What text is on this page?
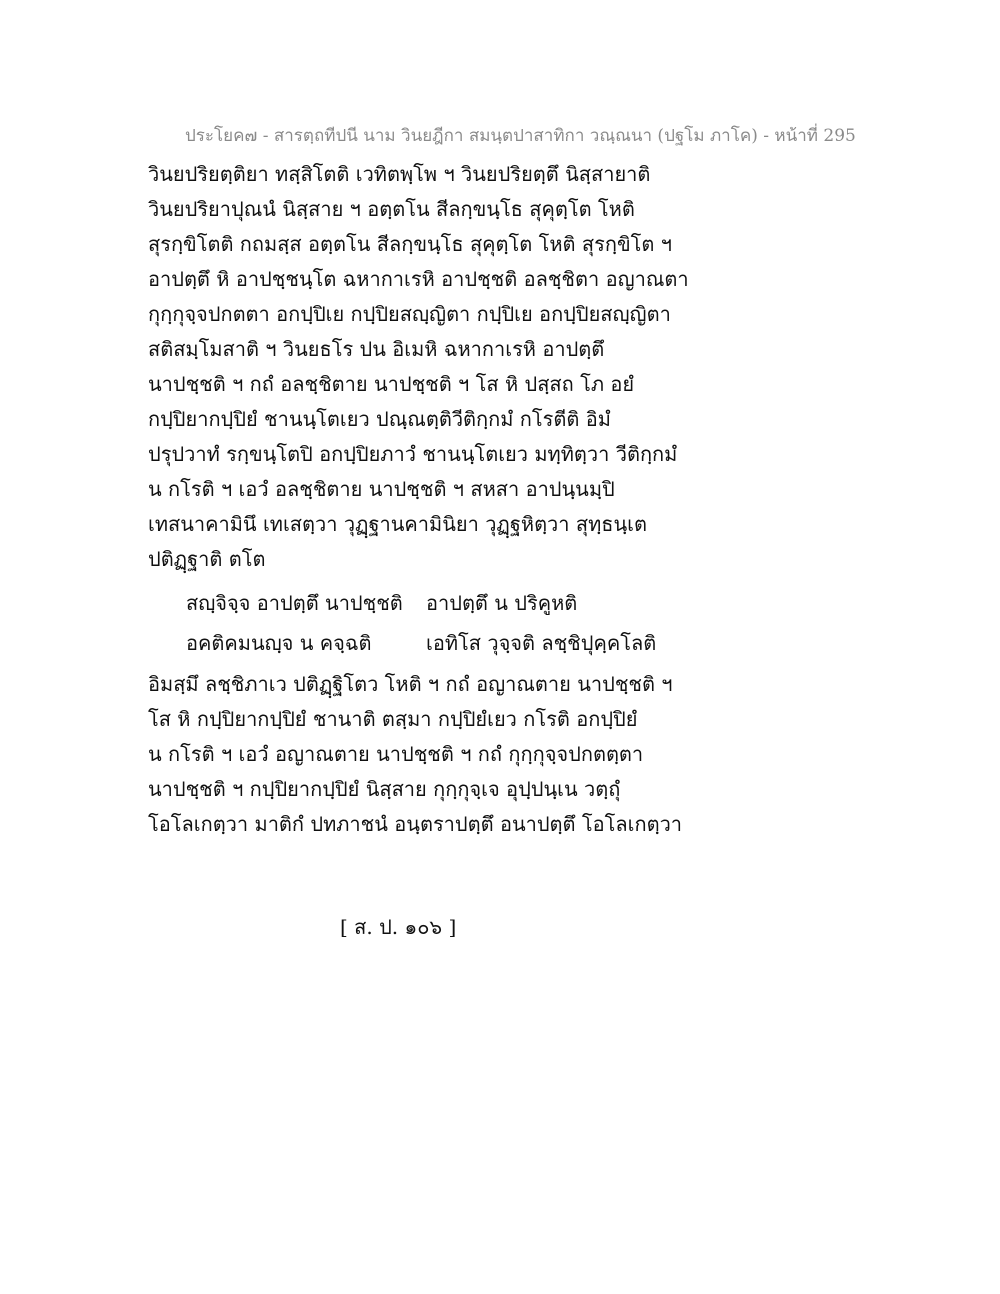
ประโยค๗ - สารตฺถทีปนี นาม วินยฎีกา สมนฺตปาสาทิกา วณฺณนา (ปฐโม ภาโค) - หน้าที่ 295
วินยปริยตฺติยา ทสฺสิโตติ เวทิตพฺโพ ฯ วินยปริยตฺตึ นิสฺสายาติ
วินยปริยาปุณนํ นิสฺสาย ฯ อตฺตโน สีลกฺขนฺโธ สุคุตฺโต โหติ
สุรกฺขิโตติ กถมสฺส อตฺตโน สีลกฺขนฺโธ สุคุตฺโต โหติ สุรกฺขิโต ฯ
อาปตฺตึ หิ อาปชฺชนฺโต ฉหากาเรหิ อาปชฺชติ อลชฺชิตา อญาณตา
กุกฺกุจฺจปกตตา อกปฺปิเย กปฺปิยสญฺญิตา กปฺปิเย อกปฺปิยสญฺญิตา
สติสมฺโมสาติ ฯ วินยธโร ปน อิเมหิ ฉหากาเรหิ อาปตฺตึ
นาปชฺชติ ฯ กถํ อลชฺชิตาย นาปชฺชติ ฯ โส หิ ปสฺสถ โภ อยํ
กปฺปิยากปฺปิยํ ชานนฺโตเยว ปณฺณตฺติวีติกฺกมํ กโรตีติ อิมํ
ปรุปวาทํ รกฺขนฺโตปิ อกปฺปิยภาวํ ชานนฺโตเยว มทฺทิตฺวา วีติกฺกมํ
น กโรติ ฯ เอวํ อลชฺชิตาย นาปชฺชติ ฯ สหสา อาปนฺนมฺปิ
เทสนาคามินึ เทเสตฺวา วุฏฺฐานคามินิยา วุฏฺฐหิตฺวา สุทฺธนฺเต
ปติฏฺฐาติ ตโต
สญฺจิจฺจ อาปตฺตึ นาปชฺชติ อาปตฺตึ น ปริคูหติ
อคติคมนญฺจ น คจฺฉติ	เอทิโส วุจฺจติ ลชฺชิปุคฺคโลติ
อิมสฺมึ ลชฺชิภาเว ปติฏฺฐิโตว โหติ ฯ กถํ อญาณตาย นาปชฺชติ ฯ
โส หิ กปฺปิยากปฺปิยํ ชานาติ ตสฺมา กปฺปิยํเยว กโรติ อกปฺปิยํ
น กโรติ ฯ เอวํ อญาณตาย นาปชฺชติ ฯ กถํ กุกฺกุจฺจปกตตฺตา
นาปชฺชติ ฯ กปฺปิยากปฺปิยํ นิสฺสาย กุกฺกุจฺเจ อุปฺปนฺเน วตฺถุํ
โอโลเกตฺวา มาติกํ ปทภาชนํ อนฺตราปตฺตึ อนาปตฺตึ โอโลเกตฺวา
[ ส. ป. ๑๐๖ ]
